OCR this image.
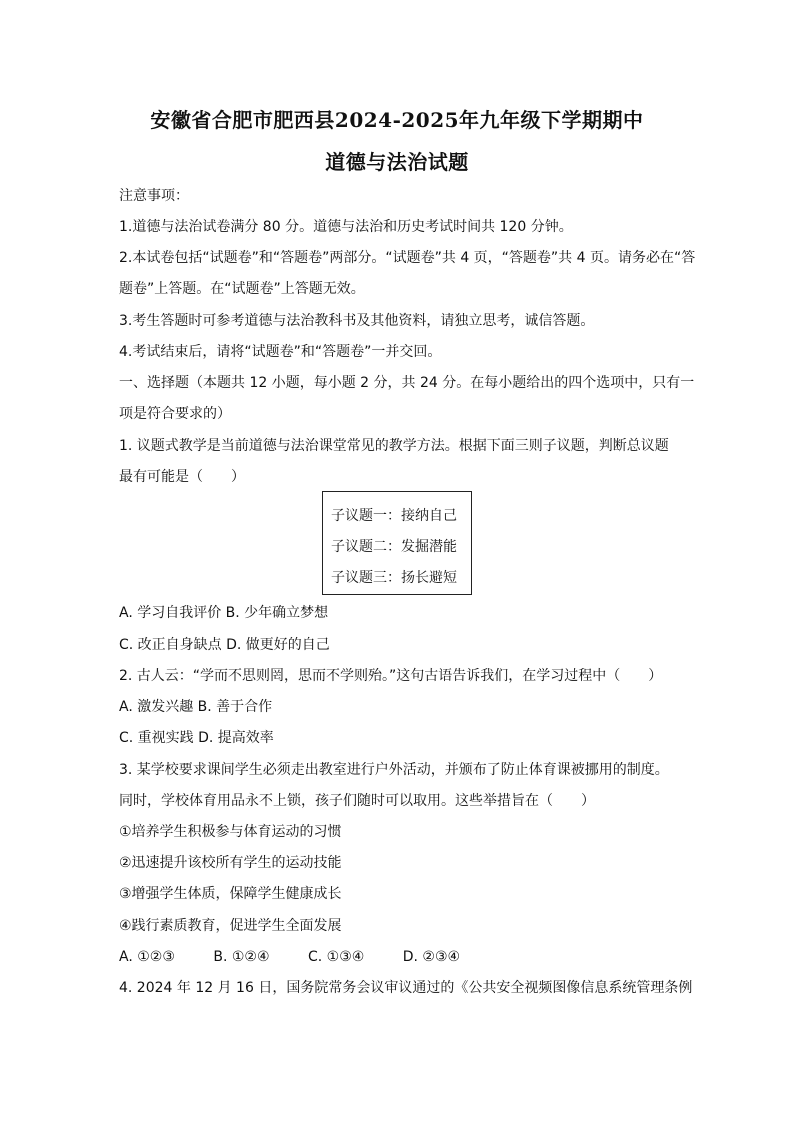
安徽省合肥市肥西县2024-2025年九年级下学期期中
道德与法治试题
注意事项：
1.道德与法治试卷满分 80 分。道德与法治和历史考试时间共 120 分钟。
2.本试卷包括“试题卷”和“答题卷”两部分。“试题卷”共 4 页，“答题卷”共 4 页。请务必在“答
题卷”上答题。在“试题卷”上答题无效。
3.考生答题时可参考道德与法治教科书及其他资料，请独立思考，诚信答题。
4.考试结束后，请将“试题卷”和“答题卷”一并交回。
一、选择题（本题共 12 小题，每小题 2 分，共 24 分。在每小题给出的四个选项中，只有一
项是符合要求的）
1. 议题式教学是当前道德与法治课堂常见的教学方法。根据下面三则子议题，判断总议题
最有可能是（　　）
子议题一：接纳自己
子议题二：发掘潜能
子议题三：扬长避短
A. 学习自我评价 B. 少年确立梦想
C. 改正自身缺点 D. 做更好的自己
2. 古人云：“学而不思则罔，思而不学则殆。”这句古语告诉我们，在学习过程中（　　）
A. 激发兴趣 B. 善于合作
C. 重视实践 D. 提高效率
3. 某学校要求课间学生必须走出教室进行户外活动，并颁布了防止体育课被挪用的制度。
同时，学校体育用品永不上锁，孩子们随时可以取用。这些举措旨在（　　）
①培养学生积极参与体育运动的习惯
②迅速提升该校所有学生的运动技能
③增强学生体质，保障学生健康成长
④践行素质教育，促进学生全面发展
A. ①②③	B. ①②④	C. ①③④	D. ②③④
4. 2024 年 12 月 16 日，国务院常务会议审议通过的《公共安全视频图像信息系统管理条例
